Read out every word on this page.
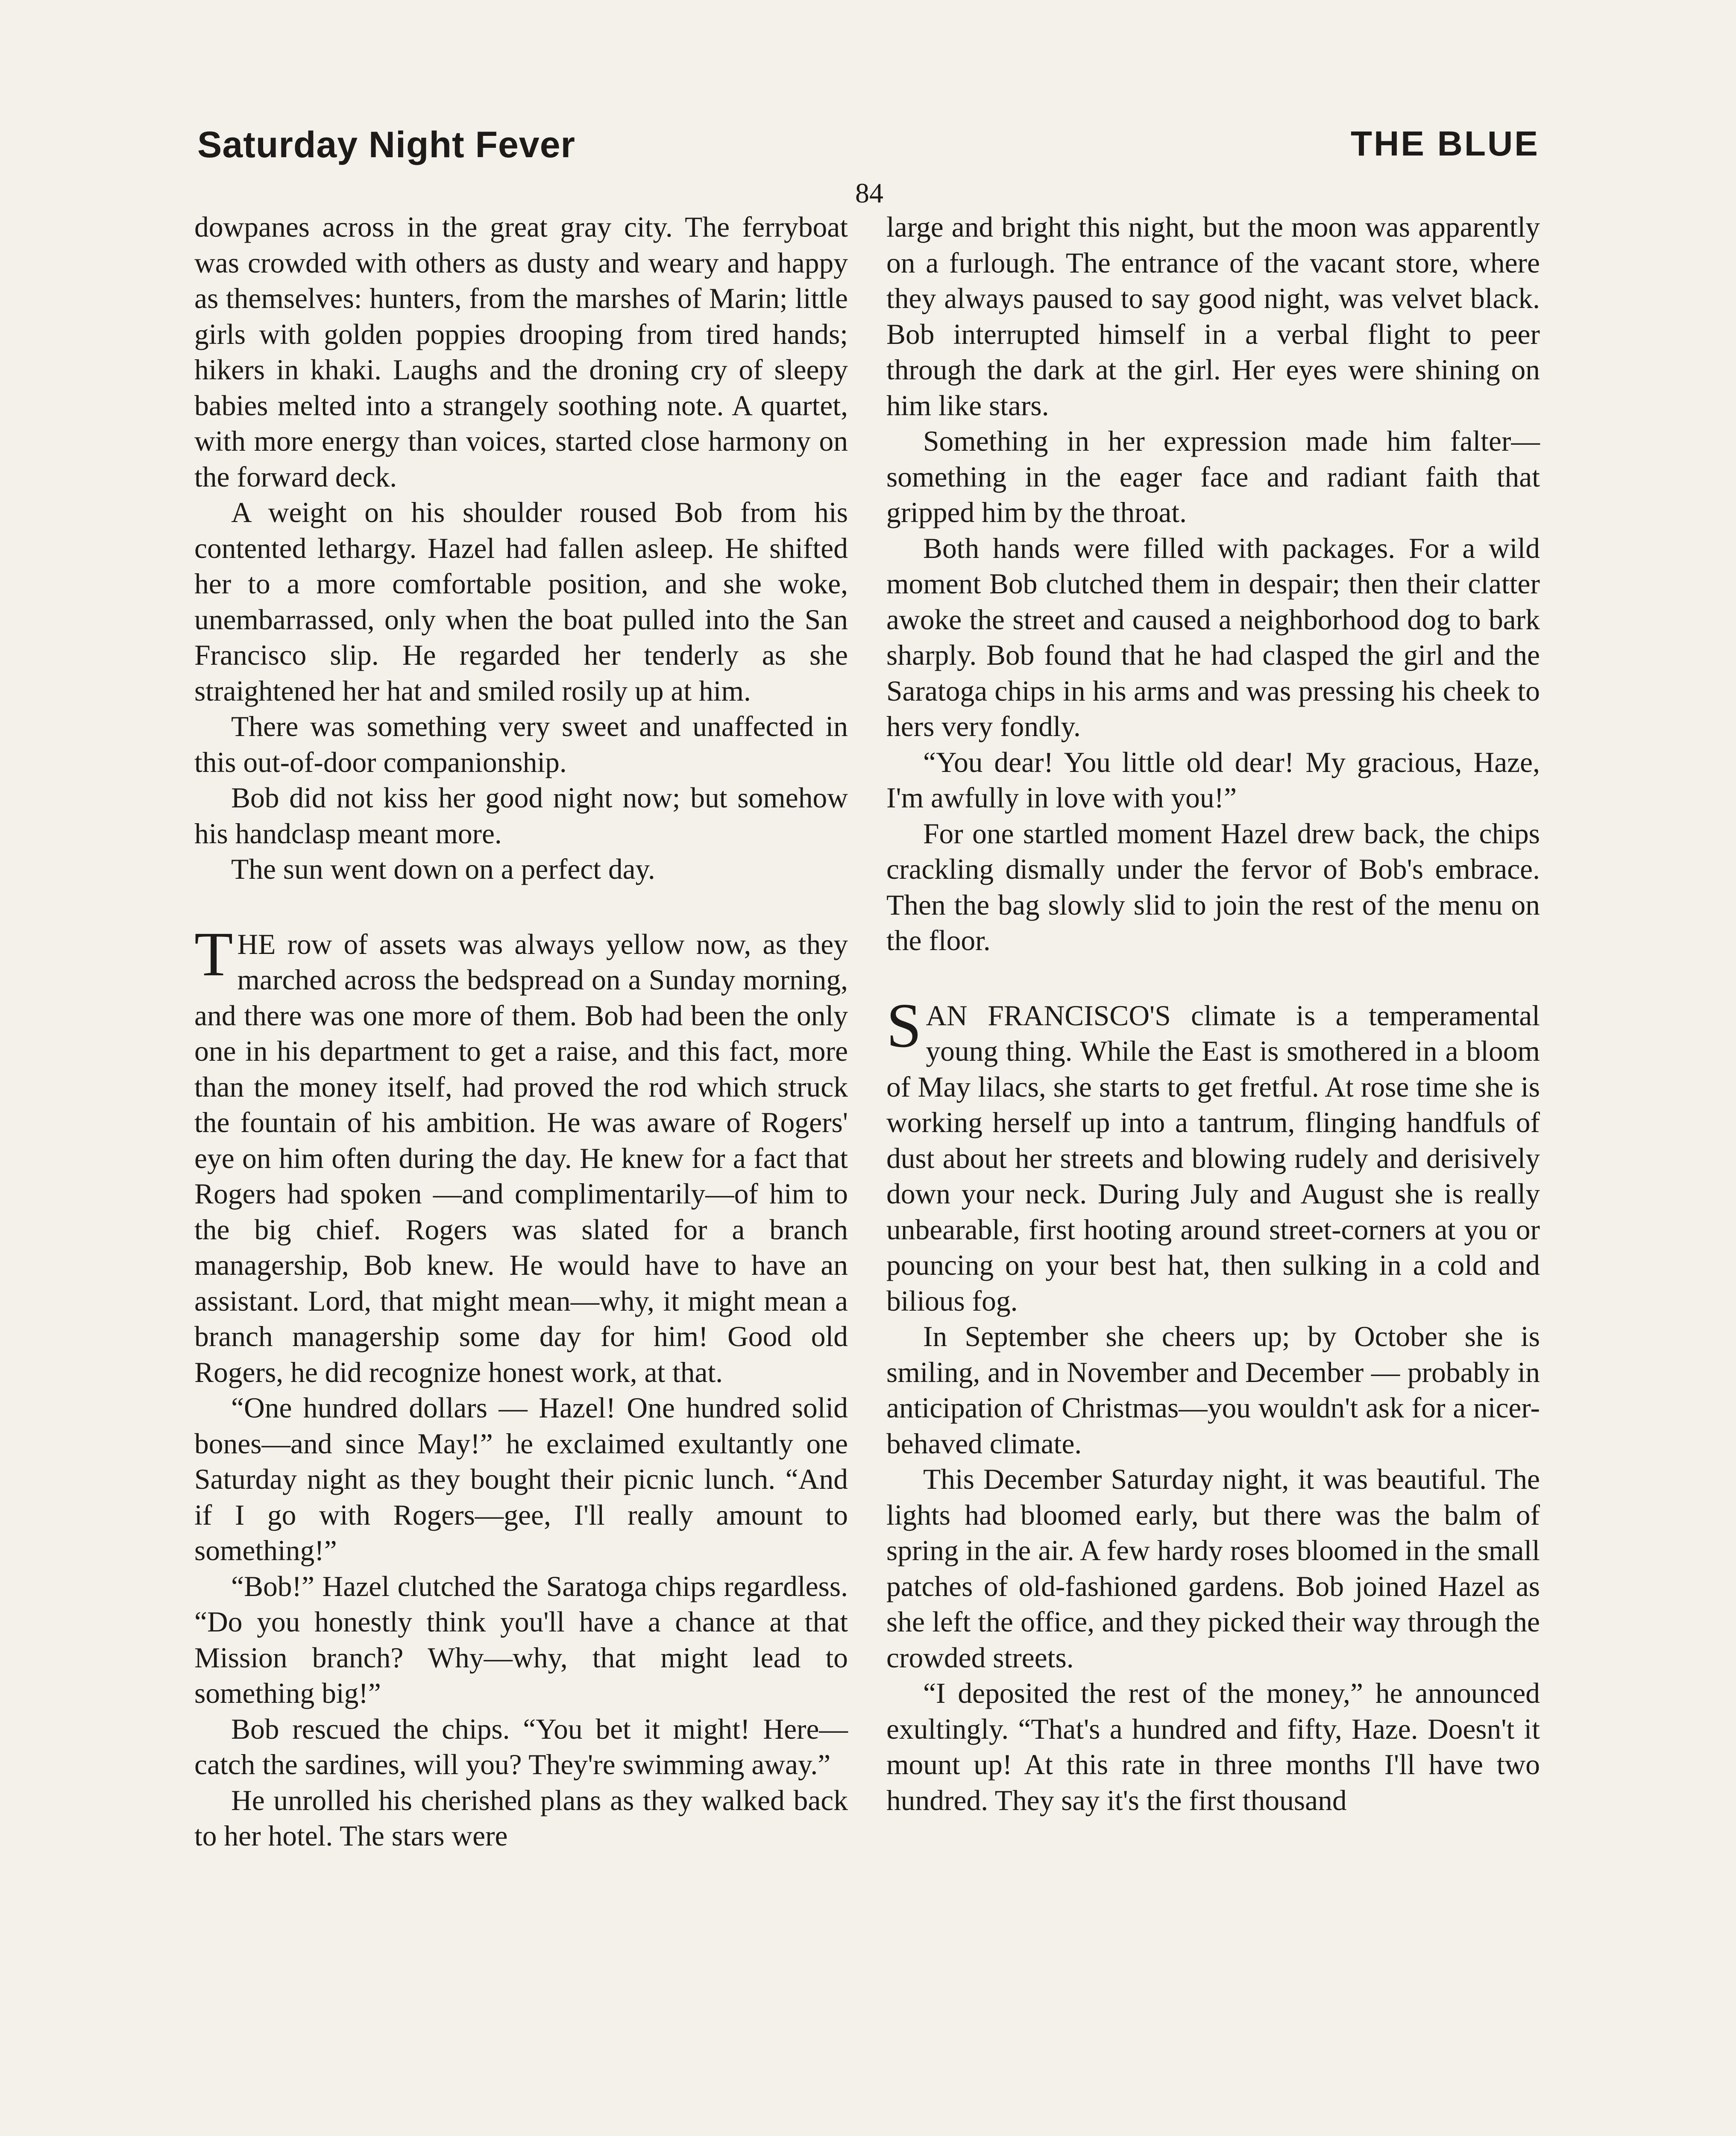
Saturday Night Fever	THE BLUE
84

dowpanes across in the great gray city. The ferryboat was crowded with others as dusty and weary and happy as themselves: hunters, from the marshes of Marin; little girls with golden poppies drooping from tired hands; hikers in khaki. Laughs and the droning cry of sleepy babies melted into a strangely soothing note. A quartet, with more energy than voices, started close harmony on the forward deck.

A weight on his shoulder roused Bob from his contented lethargy. Hazel had fallen asleep. He shifted her to a more comfortable position, and she woke, unembarrassed, only when the boat pulled into the San Francisco slip. He regarded her tenderly as she straightened her hat and smiled rosily up at him.

There was something very sweet and unaffected in this out-of-door companionship.

Bob did not kiss her good night now; but somehow his handclasp meant more.

The sun went down on a perfect day.

THE row of assets was always yellow now, as they marched across the bedspread on a Sunday morning, and there was one more of them. Bob had been the only one in his department to get a raise, and this fact, more than the money itself, had proved the rod which struck the fountain of his ambition. He was aware of Rogers' eye on him often during the day. He knew for a fact that Rogers had spoken —and complimentarily—of him to the big chief. Rogers was slated for a branch managership, Bob knew. He would have to have an assistant. Lord, that might mean—why, it might mean a branch managership some day for him! Good old Rogers, he did recognize honest work, at that.

“One hundred dollars — Hazel! One hundred solid bones—and since May!” he exclaimed exultantly one Saturday night as they bought their picnic lunch. “And if I go with Rogers—gee, I'll really amount to something!”

“Bob!” Hazel clutched the Saratoga chips regardless. “Do you honestly think you'll have a chance at that Mission branch? Why—why, that might lead to something big!”

Bob rescued the chips. “You bet it might! Here—catch the sardines, will you? They're swimming away.”

He unrolled his cherished plans as they walked back to her hotel. The stars were

large and bright this night, but the moon was apparently on a furlough. The entrance of the vacant store, where they always paused to say good night, was velvet black. Bob interrupted himself in a verbal flight to peer through the dark at the girl. Her eyes were shining on him like stars.

Something in her expression made him falter—something in the eager face and radiant faith that gripped him by the throat.

Both hands were filled with packages. For a wild moment Bob clutched them in despair; then their clatter awoke the street and caused a neighborhood dog to bark sharply. Bob found that he had clasped the girl and the Saratoga chips in his arms and was pressing his cheek to hers very fondly.

“You dear! You little old dear! My gracious, Haze, I'm awfully in love with you!”

For one startled moment Hazel drew back, the chips crackling dismally under the fervor of Bob's embrace. Then the bag slowly slid to join the rest of the menu on the floor.

SAN FRANCISCO'S climate is a temperamental young thing. While the East is smothered in a bloom of May lilacs, she starts to get fretful. At rose time she is working herself up into a tantrum, flinging handfuls of dust about her streets and blowing rudely and derisively down your neck. During July and August she is really unbearable, first hooting around street-corners at you or pouncing on your best hat, then sulking in a cold and bilious fog.

In September she cheers up; by October she is smiling, and in November and December — probably in anticipation of Christmas—you wouldn't ask for a nicer-behaved climate.

This December Saturday night, it was beautiful. The lights had bloomed early, but there was the balm of spring in the air. A few hardy roses bloomed in the small patches of old-fashioned gardens. Bob joined Hazel as she left the office, and they picked their way through the crowded streets.

“I deposited the rest of the money,” he announced exultingly. “That's a hundred and fifty, Haze. Doesn't it mount up! At this rate in three months I'll have two hundred. They say it's the first thousand
